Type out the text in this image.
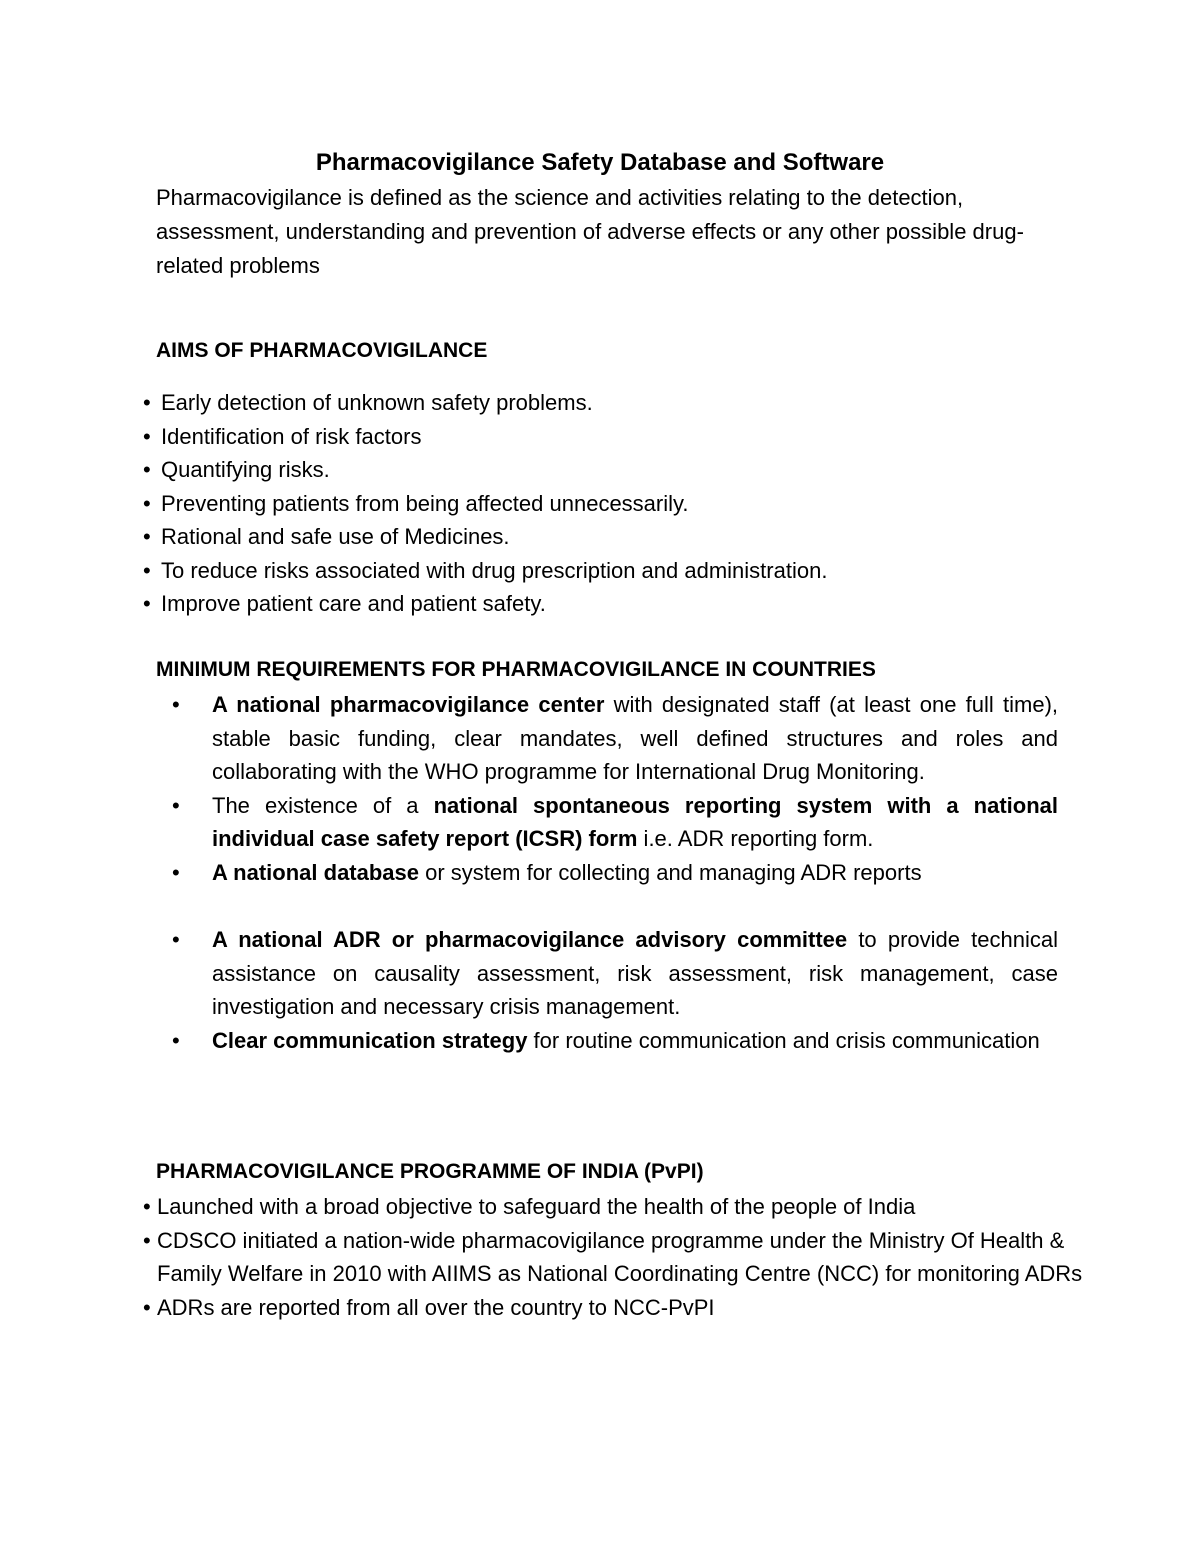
Pharmacovigilance Safety Database and Software

Pharmacovigilance is defined as the science and activities relating to the detection, assessment, understanding and prevention of adverse effects or any other possible drug-related problems

AIMS OF PHARMACOVIGILANCE
• Early detection of unknown safety problems.
• Identification of risk factors
• Quantifying risks.
• Preventing patients from being affected unnecessarily.
• Rational and safe use of Medicines.
• To reduce risks associated with drug prescription and administration.
• Improve patient care and patient safety.
MINIMUM REQUIREMENTS FOR PHARMACOVIGILANCE IN COUNTRIES
•	A national pharmacovigilance center with designated staff (at least one full time), stable basic funding, clear mandates, well defined structures and roles and collaborating with the WHO programme for International Drug Monitoring.
•	The existence of a national spontaneous reporting system with a national individual case safety report (ICSR) form i.e. ADR reporting form.
•	A national database or system for collecting and managing ADR reports
•	A national ADR or pharmacovigilance advisory committee to provide technical assistance on causality assessment, risk assessment, risk management, case investigation and necessary crisis management.
•	Clear communication strategy for routine communication and crisis communication
PHARMACOVIGILANCE PROGRAMME OF INDIA (PvPI)
• Launched with a broad objective to safeguard the health of the people of India
• CDSCO initiated a nation-wide pharmacovigilance programme under the Ministry Of Health & Family Welfare in 2010 with AIIMS as National Coordinating Centre (NCC) for monitoring ADRs
• ADRs are reported from all over the country to NCC-PvPI
